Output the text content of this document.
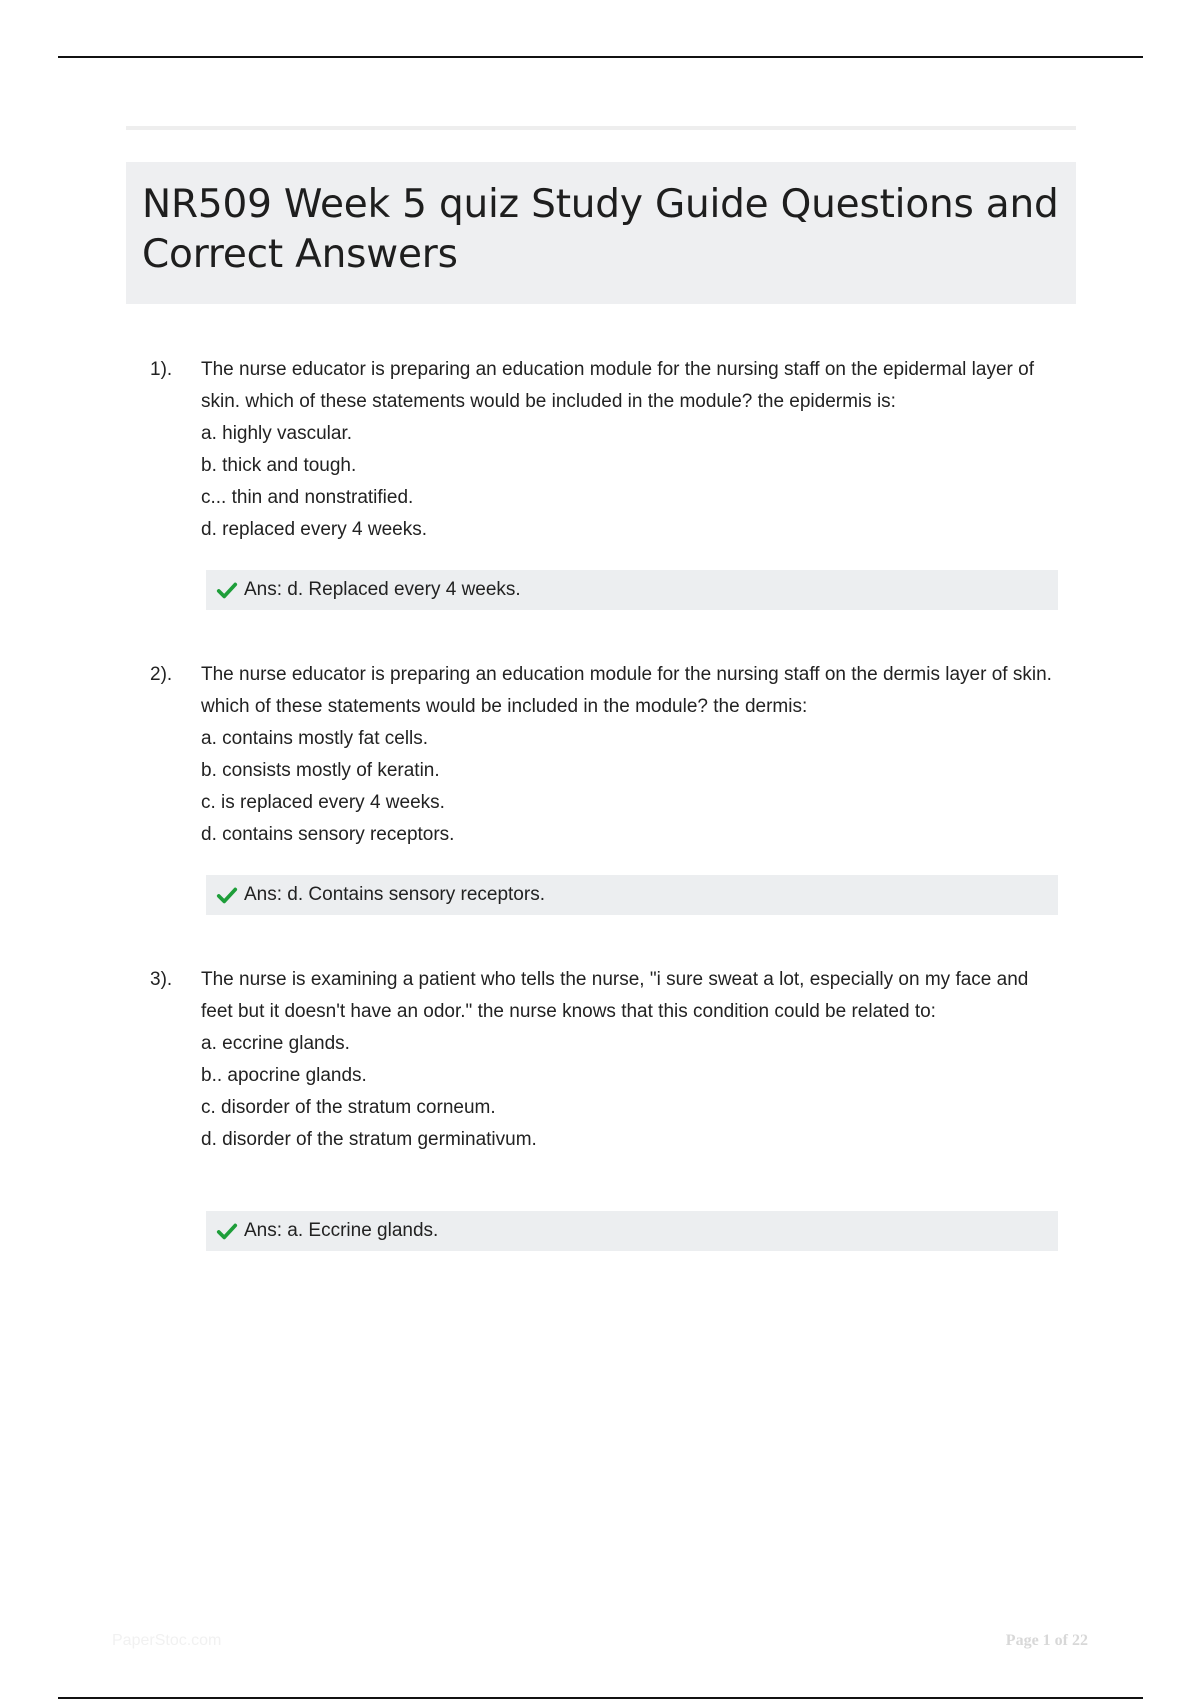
NR509 Week 5 quiz Study Guide Questions and Correct Answers
1). The nurse educator is preparing an education module for the nursing staff on the epidermal layer of skin. which of these statements would be included in the module? the epidermis is:

a. highly vascular.

b. thick and tough.

c... thin and nonstratified.

d. replaced every 4 weeks.

Ans: d. Replaced every 4 weeks.
2). The nurse educator is preparing an education module for the nursing staff on the dermis layer of skin. which of these statements would be included in the module? the dermis:

a. contains mostly fat cells.

b. consists mostly of keratin.

c. is replaced every 4 weeks.

d. contains sensory receptors.

Ans: d. Contains sensory receptors.
3). The nurse is examining a patient who tells the nurse, "i sure sweat a lot, especially on my face and feet but it doesn't have an odor." the nurse knows that this condition could be related to:

a. eccrine glands.

b.. apocrine glands.

c. disorder of the stratum corneum.

d. disorder of the stratum germinativum.

Ans: a. Eccrine glands.
PaperStoc.com	Page 1 of 22
